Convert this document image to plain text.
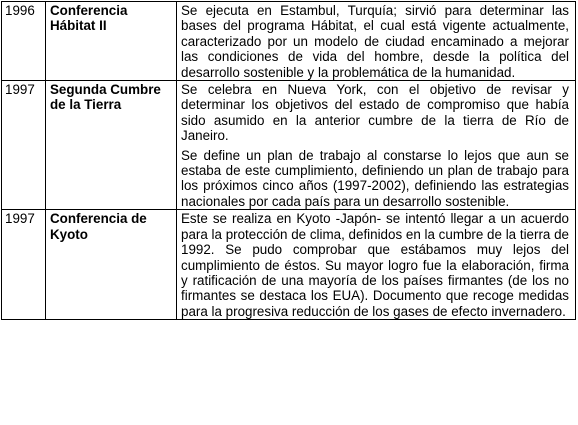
1996	Conferencia Hábitat II	Se ejecuta en Estambul, Turquía; sirvió para determinar las bases del programa Hábitat, el cual está vigente actualmente, caracterizado por un modelo de ciudad encaminado a mejorar las condiciones de vida del hombre, desde la política del desarrollo sostenible y la problemática de la humanidad.

1997	Segunda Cumbre de la Tierra	Se celebra en Nueva York, con el objetivo de revisar y determinar los objetivos del estado de compromiso que había sido asumido en la anterior cumbre de la tierra de Río de Janeiro.

Se define un plan de trabajo al constarse lo lejos que aun se estaba de este cumplimiento, definiendo un plan de trabajo para los próximos cinco años (1997-2002), definiendo las estrategias nacionales por cada país para un desarrollo sostenible.

1997	Conferencia de Kyoto	Este se realiza en Kyoto -Japón- se intentó llegar a un acuerdo para la protección de clima, definidos en la cumbre de la tierra de 1992. Se pudo comprobar que estábamos muy lejos del cumplimiento de éstos. Su mayor logro fue la elaboración, firma y ratificación de una mayoría de los países firmantes (de los no firmantes se destaca los EUA). Documento que recoge medidas para la progresiva reducción de los gases de efecto invernadero.
